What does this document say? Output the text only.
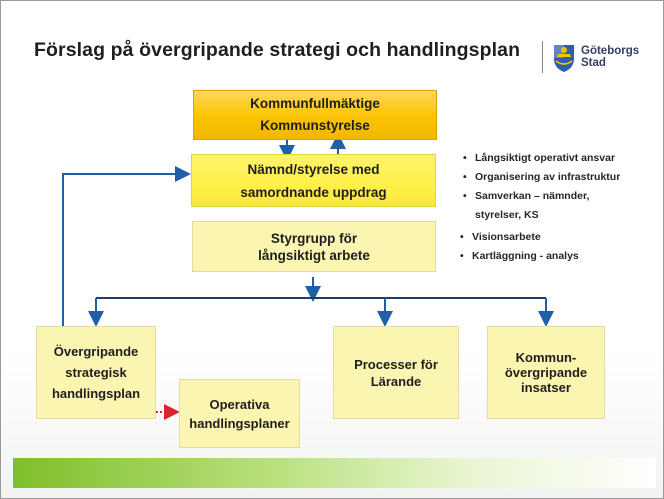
Förslag på övergripande strategi och handlingsplan	Göteborgs
Stad
Kommunfullmäktige
Kommunstyrelse
Nämnd/styrelse med
samordnande uppdrag
Styrgrupp för
långsiktigt arbete
Övergripande
strategisk
handlingsplan
Operativa
handlingsplaner
Processer för
Lärande
Kommun-
övergripande
insatser
• Långsiktigt operativt ansvar
• Organisering av infrastruktur
• Samverkan – nämnder,
styrelser, KS
• Visionsarbete
• Kartläggning - analys
